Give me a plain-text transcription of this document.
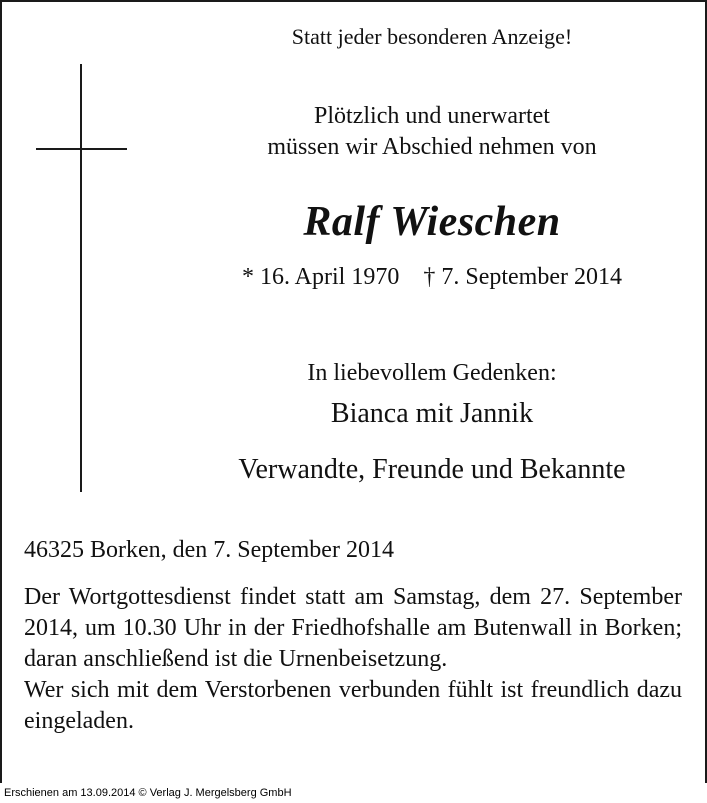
Statt jeder besonderen Anzeige!
Plötzlich und unerwartet
müssen wir Abschied nehmen von
Ralf Wieschen
* 16. April 1970 † 7. September 2014
In liebevollem Gedenken:
Bianca mit Jannik
Verwandte, Freunde und Bekannte
46325 Borken, den 7. September 2014

Der Wortgottesdienst findet statt am Samstag, dem 27. September 2014, um 10.30 Uhr in der Friedhofshalle am Butenwall in Borken; daran anschließend ist die Urnenbeisetzung.

Wer sich mit dem Verstorbenen verbunden fühlt ist freundlich dazu eingeladen.

Erschienen am 13.09.2014 © Verlag J. Mergelsberg GmbH
